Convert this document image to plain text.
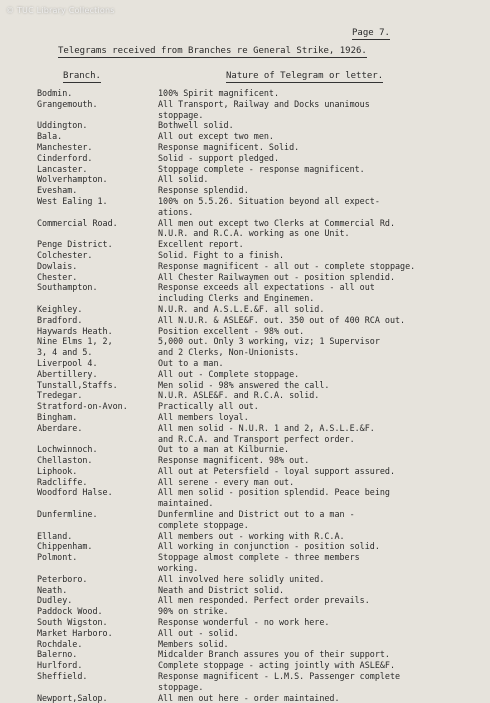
© TUC Library Collections
Page 7.
Telegrams received from Branches re General Strike, 1926.
Branch.	Nature of Telegram or letter.
Bodmin.	100% Spirit magnificent.
Grangemouth.	All Transport, Railway and Docks unanimous
stoppage.
Uddington.	Bothwell solid.
Bala.	All out except two men.
Manchester.	Response magnificent. Solid.
Cinderford.	Solid - support pledged.
Lancaster.	Stoppage complete - response magnificent.
Wolverhampton.	All solid.
Evesham.	Response splendid.
West Ealing 1.	100% on 5.5.26. Situation beyond all expect-
ations.
Commercial Road.	All men out except two Clerks at Commercial Rd.
N.U.R. and R.C.A. working as one Unit.
Penge District.	Excellent report.
Colchester.	Solid. Fight to a finish.
Dowlais.	Response magnificent - all out - complete stoppage.
Chester.	All Chester Railwaymen out - position splendid.
Southampton.	Response exceeds all expectations - all out
including Clerks and Enginemen.
Keighley.	N.U.R. and A.S.L.E.&F. all solid.
Bradford.	All N.U.R. & ASLE&F. out. 350 out of 400 RCA out.
Haywards Heath.	Position excellent - 98% out.
Nine Elms 1, 2,	5,000 out. Only 3 working, viz; 1 Supervisor
3, 4 and 5.	and 2 Clerks, Non-Unionists.
Liverpool 4.	Out to a man.
Abertillery.	All out - Complete stoppage.
Tunstall,Staffs.	Men solid - 98% answered the call.
Tredegar.	N.U.R. ASLE&F. and R.C.A. solid.
Stratford-on-Avon.	Practically all out.
Bingham.	All members loyal.
Aberdare.	All men solid - N.U.R. 1 and 2, A.S.L.E.&F.
and R.C.A. and Transport perfect order.
Lochwinnoch.	Out to a man at Kilburnie.
Chellaston.	Response magnificent. 98% out.
Liphook.	All out at Petersfield - loyal support assured.
Radcliffe.	All serene - every man out.
Woodford Halse.	All men solid - position splendid. Peace being
maintained.
Dunfermline.	Dunfermline and District out to a man -
complete stoppage.
Elland.	All members out - working with R.C.A.
Chippenham.	All working in conjunction - position solid.
Polmont.	Stoppage almost complete - three members
working.
Peterboro.	All involved here solidly united.
Neath.	Neath and District solid.
Dudley.	All men responded. Perfect order prevails.
Paddock Wood.	90% on strike.
South Wigston.	Response wonderful - no work here.
Market Harboro.	All out - solid.
Rochdale.	Members solid.
Balerno.	Midcalder Branch assures you of their support.
Hurlford.	Complete stoppage - acting jointly with ASLE&F.
Sheffield.	Response magnificent - L.M.S. Passenger complete
stoppage.
Newport,Salop.	All men out here - order maintained.
